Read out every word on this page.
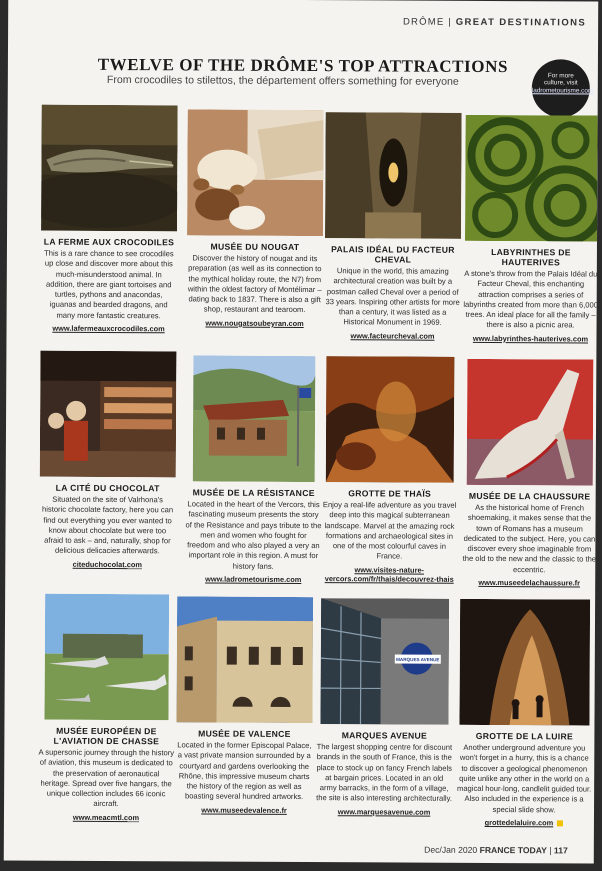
DRÔME | GREAT DESTINATIONS
TWELVE OF THE DRÔME'S TOP ATTRACTIONS
From crocodiles to stilettos, the département offers something for everyone	For more
culture, visit
ladrometourisme.com
LA FERME AUX CROCODILES

This is a rare chance to see crocodiles up close and discover more about this much-misunderstood animal. In addition, there are giant tortoises and turtles, pythons and anacondas, iguanas and bearded dragons, and many more fantastic creatures.

www.lafermeauxcrocodiles.com
MUSÉE DU NOUGAT

Discover the history of nougat and its preparation (as well as its connection to the mythical holiday route, the N7) from within the oldest factory of Montélimar – dating back to 1837. There is also a gift shop, restaurant and tearoom.

www.nougatsoubeyran.com
PALAIS IDÉAL DU FACTEUR CHEVAL

Unique in the world, this amazing architectural creation was built by a postman called Cheval over a period of 33 years. Inspiring other artists for more than a century, it was listed as a Historical Monument in 1969.

www.facteurcheval.com
LABYRINTHES DE HAUTERIVES

A stone's throw from the Palais Idéal du Facteur Cheval, this enchanting attraction comprises a series of labyrinths created from more than 6,000 trees. An ideal place for all the family – there is also a picnic area.

www.labyrinthes-hauterives.com
LA CITÉ DU CHOCOLAT

Situated on the site of Valrhona's historic chocolate factory, here you can find out everything you ever wanted to know about chocolate but were too afraid to ask – and, naturally, shop for delicious delicacies afterwards.

citeduchocolat.com
MUSÉE DE LA RÉSISTANCE

Located in the heart of the Vercors, this fascinating museum presents the story of the Resistance and pays tribute to the men and women who fought for freedom and who also played a very an important role in this region. A must for history fans.

www.ladrometourisme.com
GROTTE DE THAÏS

Enjoy a real-life adventure as you travel deep into this magical subterranean landscape. Marvel at the amazing rock formations and archaeological sites in one of the most colourful caves in France.

www.visites-nature-vercors.com/fr/thais/decouvrez-thais
MUSÉE DE LA CHAUSSURE

As the historical home of French shoemaking, it makes sense that the town of Romans has a museum dedicated to the subject. Here, you can discover every shoe imaginable from the old to the new and the classic to the eccentric.

www.museedelachaussure.fr
MUSÉE EUROPÉEN DE L'AVIATION DE CHASSE

A supersonic journey through the history of aviation, this museum is dedicated to the preservation of aeronautical heritage. Spread over five hangars, the unique collection includes 66 iconic aircraft.

www.meacmtl.com
MUSÉE DE VALENCE

Located in the former Episcopal Palace, a vast private mansion surrounded by a courtyard and gardens overlooking the Rhône, this impressive museum charts the history of the region as well as boasting several hundred artworks.

www.museedevalence.fr
MARQUES AVENUE
MARQUES AVENUE

The largest shopping centre for discount brands in the south of France, this is the place to stock up on fancy French labels at bargain prices. Located in an old army barracks, in the form of a village, the site is also interesting architecturally.

www.marquesavenue.com
GROTTE DE LA LUIRE

Another underground adventure you won't forget in a hurry, this is a chance to discover a geological phenomenon quite unlike any other in the world on a magical hour-long, candlelit guided tour. Also included in the experience is a special slide show.

grottedelaluire.com
Dec/Jan 2020 FRANCE TODAY | 117
